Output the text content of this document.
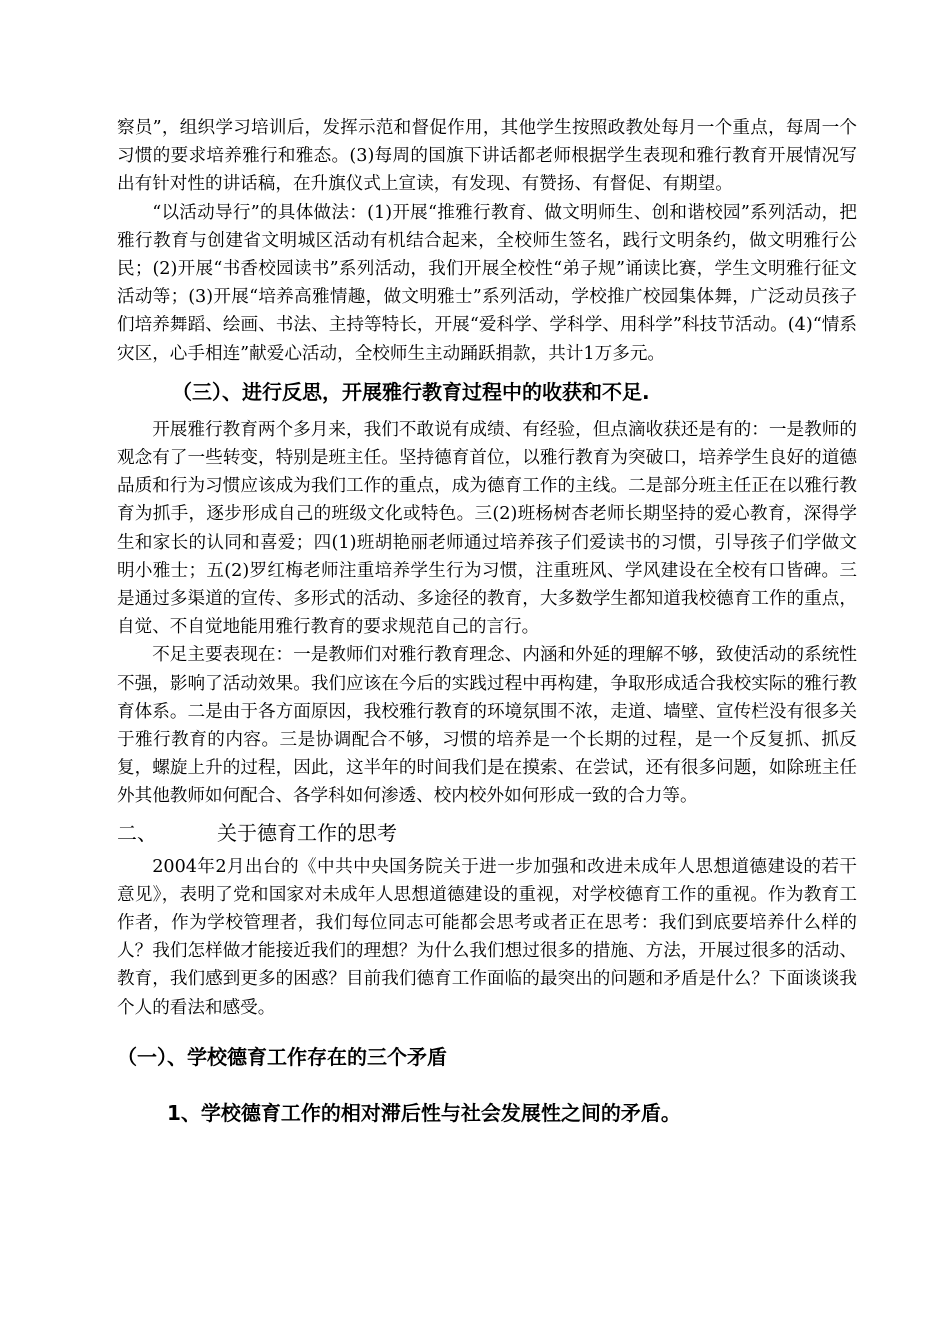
察员”，组织学习培训后，发挥示范和督促作用，其他学生按照政教处每月一个重点，每周一个习惯的要求培养雅行和雅态。(3)每周的国旗下讲话都老师根据学生表现和雅行教育开展情况写出有针对性的讲话稿，在升旗仪式上宣读，有发现、有赞扬、有督促、有期望。

“以活动导行”的具体做法：(1)开展“推雅行教育、做文明师生、创和谐校园”系列活动，把雅行教育与创建省文明城区活动有机结合起来，全校师生签名，践行文明条约，做文明雅行公民；(2)开展“书香校园读书”系列活动，我们开展全校性“弟子规”诵读比赛，学生文明雅行征文活动等；(3)开展“培养高雅情趣，做文明雅士”系列活动，学校推广校园集体舞，广泛动员孩子们培养舞蹈、绘画、书法、主持等特长，开展“爱科学、学科学、用科学”科技节活动。(4)“情系灾区，心手相连”献爱心活动，全校师生主动踊跃捐款，共计1万多元。

（三）、进行反思，开展雅行教育过程中的收获和不足.

开展雅行教育两个多月来，我们不敢说有成绩、有经验，但点滴收获还是有的：一是教师的观念有了一些转变，特别是班主任。坚持德育首位，以雅行教育为突破口，培养学生良好的道德品质和行为习惯应该成为我们工作的重点，成为德育工作的主线。二是部分班主任正在以雅行教育为抓手，逐步形成自己的班级文化或特色。三(2)班杨树杏老师长期坚持的爱心教育，深得学生和家长的认同和喜爱；四(1)班胡艳丽老师通过培养孩子们爱读书的习惯，引导孩子们学做文明小雅士；五(2)罗红梅老师注重培养学生行为习惯，注重班风、学风建设在全校有口皆碑。三是通过多渠道的宣传、多形式的活动、多途径的教育，大多数学生都知道我校德育工作的重点，自觉、不自觉地能用雅行教育的要求规范自己的言行。

不足主要表现在：一是教师们对雅行教育理念、内涵和外延的理解不够，致使活动的系统性不强，影响了活动效果。我们应该在今后的实践过程中再构建，争取形成适合我校实际的雅行教育体系。二是由于各方面原因，我校雅行教育的环境氛围不浓，走道、墙壁、宣传栏没有很多关于雅行教育的内容。三是协调配合不够，习惯的培养是一个长期的过程，是一个反复抓、抓反复，螺旋上升的过程，因此，这半年的时间我们是在摸索、在尝试，还有很多问题，如除班主任外其他教师如何配合、各学科如何渗透、校内校外如何形成一致的合力等。

二、	关于德育工作的思考

2004年2月出台的《中共中央国务院关于进一步加强和改进未成年人思想道德建设的若干意见》，表明了党和国家对未成年人思想道德建设的重视，对学校德育工作的重视。作为教育工作者，作为学校管理者，我们每位同志可能都会思考或者正在思考：我们到底要培养什么样的人？我们怎样做才能接近我们的理想？为什么我们想过很多的措施、方法，开展过很多的活动、教育，我们感到更多的困惑？目前我们德育工作面临的最突出的问题和矛盾是什么？下面谈谈我个人的看法和感受。

（一）、学校德育工作存在的三个矛盾

1、学校德育工作的相对滞后性与社会发展性之间的矛盾。
